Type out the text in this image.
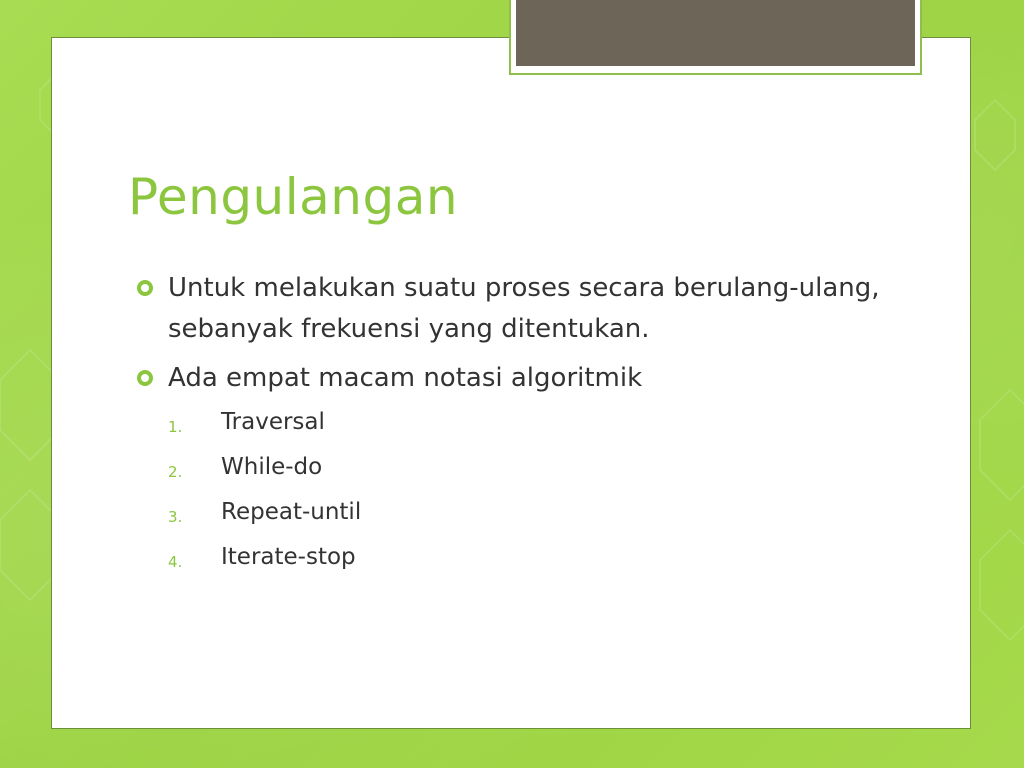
Pengulangan
Untuk melakukan suatu proses secara berulang-ulang, sebanyak frekuensi yang ditentukan.
Ada empat macam notasi algoritmik
1. Traversal
2. While-do
3. Repeat-until
4. Iterate-stop
